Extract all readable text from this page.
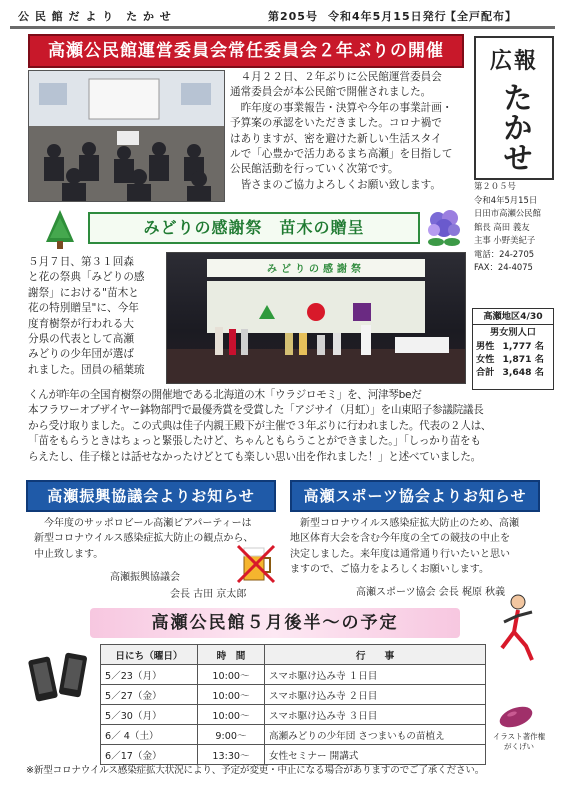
公 民 館 だ よ り　た か せ	第205号 令和4年5月15日発行
【全戸配布】
高瀬公民館運営委員会常任委員会２年ぶりの開催

４月２２日、２年ぶりに公民館運営委員会

通常委員会が本公民館で開催されました。

昨年度の事業報告・決算や今年の事業計画・

予算案の承認をいただきました。コロナ禍で

はありますが、密を避けた新しい生活スタイ

ルで「心豊かで活力あるまち高瀬」を目指して

公民館活動を行っていく次第です。

皆さまのご協力よろしくお願い致します。

広報
たかせ
第２０５号
令和4年5月15日
日田市高瀬公民館
館長 高田 義友
主事 小野美紀子
電話：24-2705
FAX：24-4075
高瀬地区4/30
男女別人口
男性 1,777 名
女性 1,871 名
合計 3,648 名
みどりの感謝祭　苗木の贈呈

５月７日、第３１回森

と花の祭典「みどりの感

謝祭」における"苗木と

花の特別贈呈"に、今年

度育樹祭が行われる大

分県の代表として高瀬

みどりの少年団が選ば

れました。団員の稲葉琉

みどりの感謝祭

くんが昨年の全国育樹祭の開催地である北海道の木「ウラジロモミ」を、河津琴beだ

本フラワーオブザイヤー鉢物部門で最優秀賞を受賞した「アジサイ（月虹）」を山東昭子参議院議長

から受け取りました。この式典は佳子内親王殿下が主催で３年ぶりに行われました。代表の２人は、

「苗をもらうときはちょっと緊張したけど、ちゃんともらうことができました。」「しっかり苗をも

らえたし、佳子様とは話せなかったけどとても楽しい思い出を作れました！」と述べていました。

高瀬振興協議会よりお知らせ	高瀬スポーツ協会よりお知らせ

今年度のサッポロビール高瀬ビアパーティーは

新型コロナウイルス感染症拡大防止の観点から、

中止致します。

高瀬振興協議会
会長 古田 京太郎

新型コロナウイルス感染症拡大防止のため、高瀬

地区体育大会を含む今年度の全ての競技の中止を

決定しました。来年度は通常通り行いたいと思い

ますので、ご協力をよろしくお願いします。

高瀬スポーツ協会 会長 梶原 秋義
高瀬公民館５月後半～の予定
日にち（曜日）	時　間	行　　事
5／23（月）	10:00～	スマホ駆け込み寺 １日目
5／27（金）	10:00～	スマホ駆け込み寺 ２日目
5／30（月）	10:00～	スマホ駆け込み寺 ３日目
6／ 4（土）	9:00～	高瀬みどりの少年団 さつまいもの苗植え
6／17（金）	13:30～	女性セミナー 開講式
イラスト著作権
がくげい
※新型コロナウイルス感染症拡大状況により、予定が変更・中止になる場合がありますのでご了承ください。
